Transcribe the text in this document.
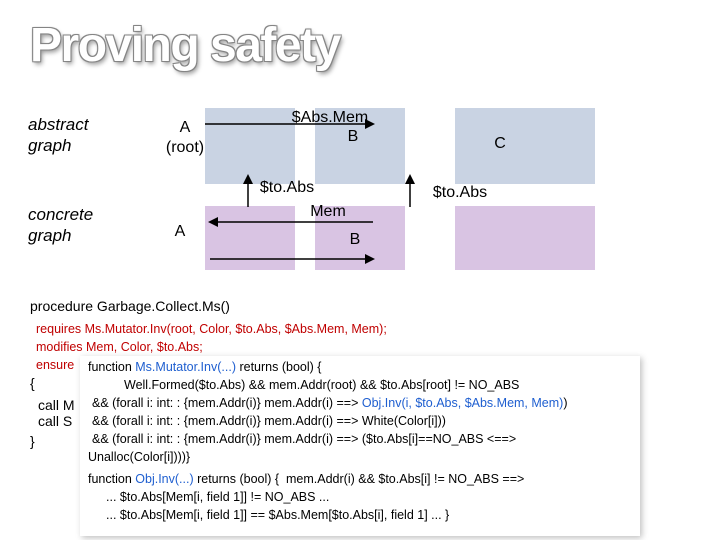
Proving safety
abstract graph
concrete graph
A
(root)
$Abs.Mem
B	C
$to.Abs	$to.Abs
Mem
A	B
procedure Garbage.Collect.Ms()
requires Ms.Mutator.Inv(root, Color, $to.Abs, $Abs.Mem, Mem);
modifies Mem, Color, $to.Abs;
ensure
{
call M
call S
}
function Ms.Mutator.Inv(...) returns (bool) {
Well.Formed($to.Abs) && mem.Addr(root) && $to.Abs[root] != NO_ABS
&& (forall i: int: : {mem.Addr(i)} mem.Addr(i) ==> Obj.Inv(i, $to.Abs, $Abs.Mem, Mem))
&& (forall i: int: : {mem.Addr(i)} mem.Addr(i) ==> White(Color[i]))
&& (forall i: int: : {mem.Addr(i)} mem.Addr(i) ==> ($to.Abs[i]==NO_ABS <==>
Unalloc(Color[i])))}
function Obj.Inv(...) returns (bool) {  mem.Addr(i) && $to.Abs[i] != NO_ABS ==>
... $to.Abs[Mem[i, field 1]] != NO_ABS ...
... $to.Abs[Mem[i, field 1]] == $Abs.Mem[$to.Abs[i], field 1] ... }
